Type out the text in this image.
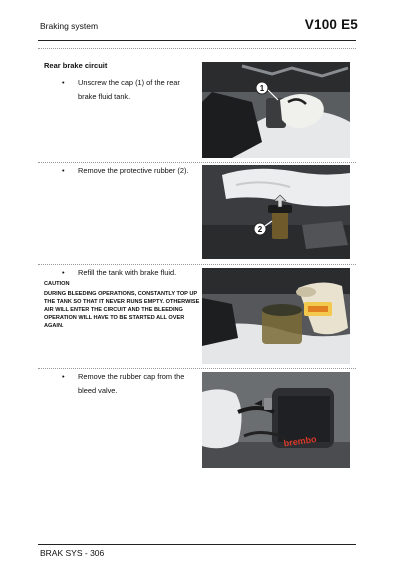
Braking system	V100 E5
Rear brake circuit
•	Unscrew the cap (1) of the rear brake fluid tank.
1
•	Remove the protective rubber (2).
2
•	Refill the tank with brake fluid.
CAUTION
DURING BLEEDING OPERATIONS, CONSTANTLY TOP UP THE TANK SO THAT IT NEVER RUNS EMPTY. OTHERWISE AIR WILL ENTER THE CIRCUIT AND THE BLEEDING OPERATION WILL HAVE TO BE STARTED ALL OVER AGAIN.
•	Remove the rubber cap from the bleed valve.
brembo
BRAK SYS - 306
